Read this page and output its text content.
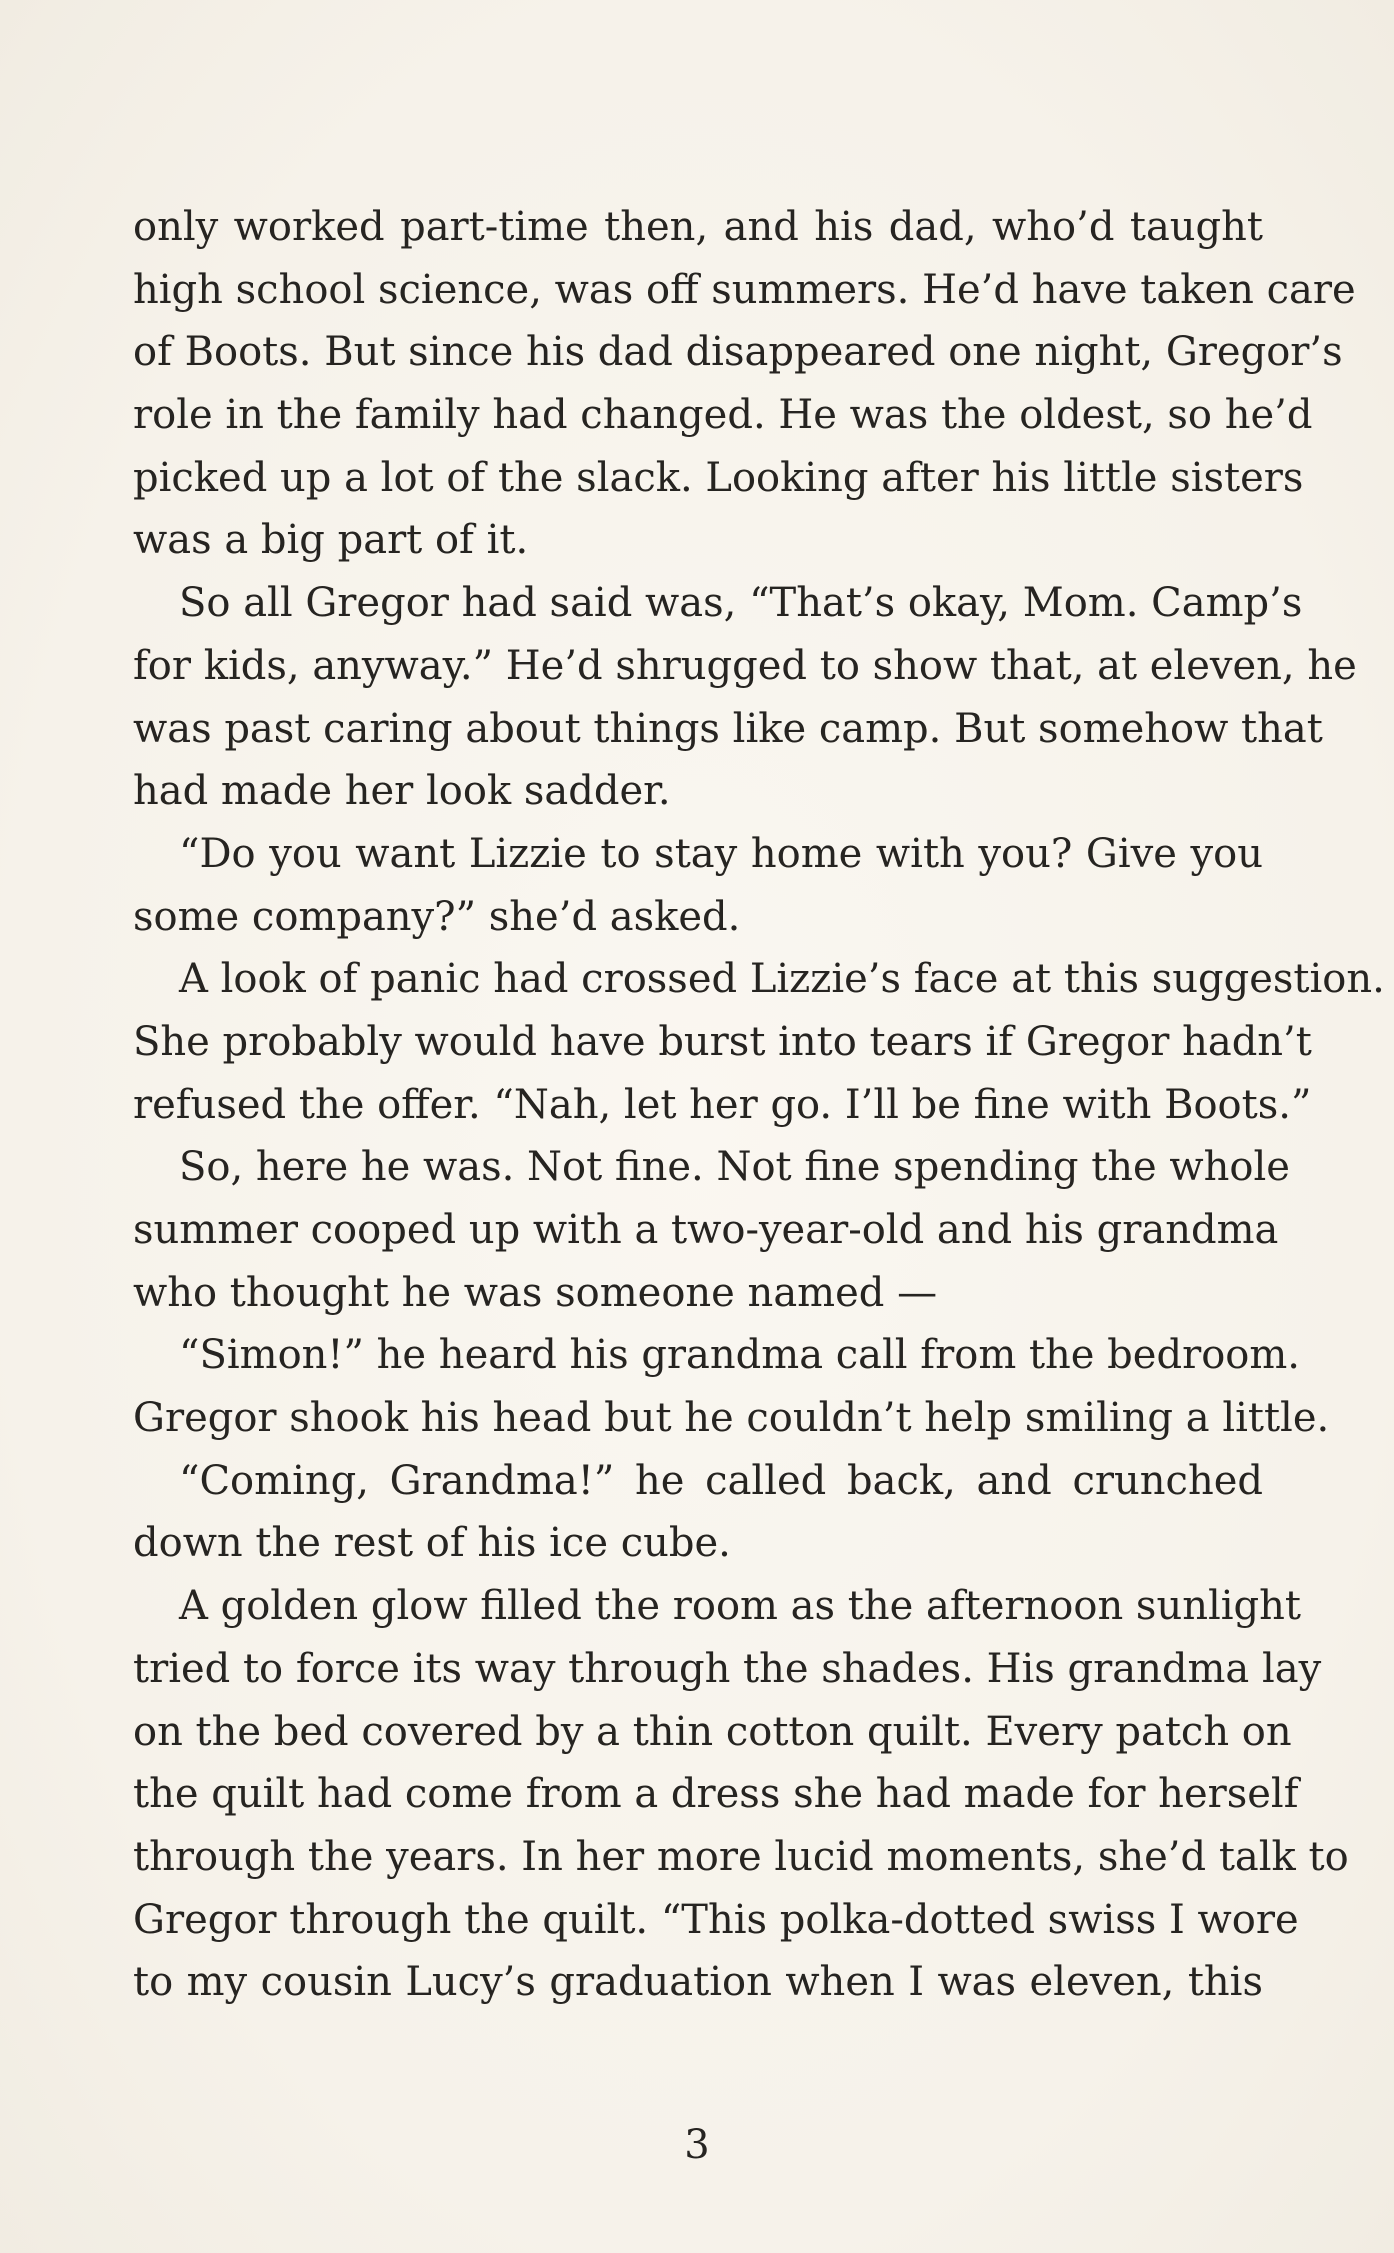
only worked part-time then, and his dad, who’d taught
high school science, was off summers. He’d have taken care
of Boots. But since his dad disappeared one night, Gregor’s
role in the family had changed. He was the oldest, so he’d
picked up a lot of the slack. Looking after his little sisters
was a big part of it.
So all Gregor had said was, “That’s okay, Mom. Camp’s
for kids, anyway.” He’d shrugged to show that, at eleven, he
was past caring about things like camp. But somehow that
had made her look sadder.
“Do you want Lizzie to stay home with you? Give you
some company?” she’d asked.
A look of panic had crossed Lizzie’s face at this suggestion.
She probably would have burst into tears if Gregor hadn’t
refused the offer. “Nah, let her go. I’ll be fine with Boots.”
So, here he was. Not fine. Not fine spending the whole
summer cooped up with a two-year-old and his grandma
who thought he was someone named —
“Simon!” he heard his grandma call from the bedroom.
Gregor shook his head but he couldn’t help smiling a little.
“Coming, Grandma!” he called back, and crunched
down the rest of his ice cube.
A golden glow filled the room as the afternoon sunlight
tried to force its way through the shades. His grandma lay
on the bed covered by a thin cotton quilt. Every patch on
the quilt had come from a dress she had made for herself
through the years. In her more lucid moments, she’d talk to
Gregor through the quilt. “This polka-dotted swiss I wore
to my cousin Lucy’s graduation when I was eleven, this
3
